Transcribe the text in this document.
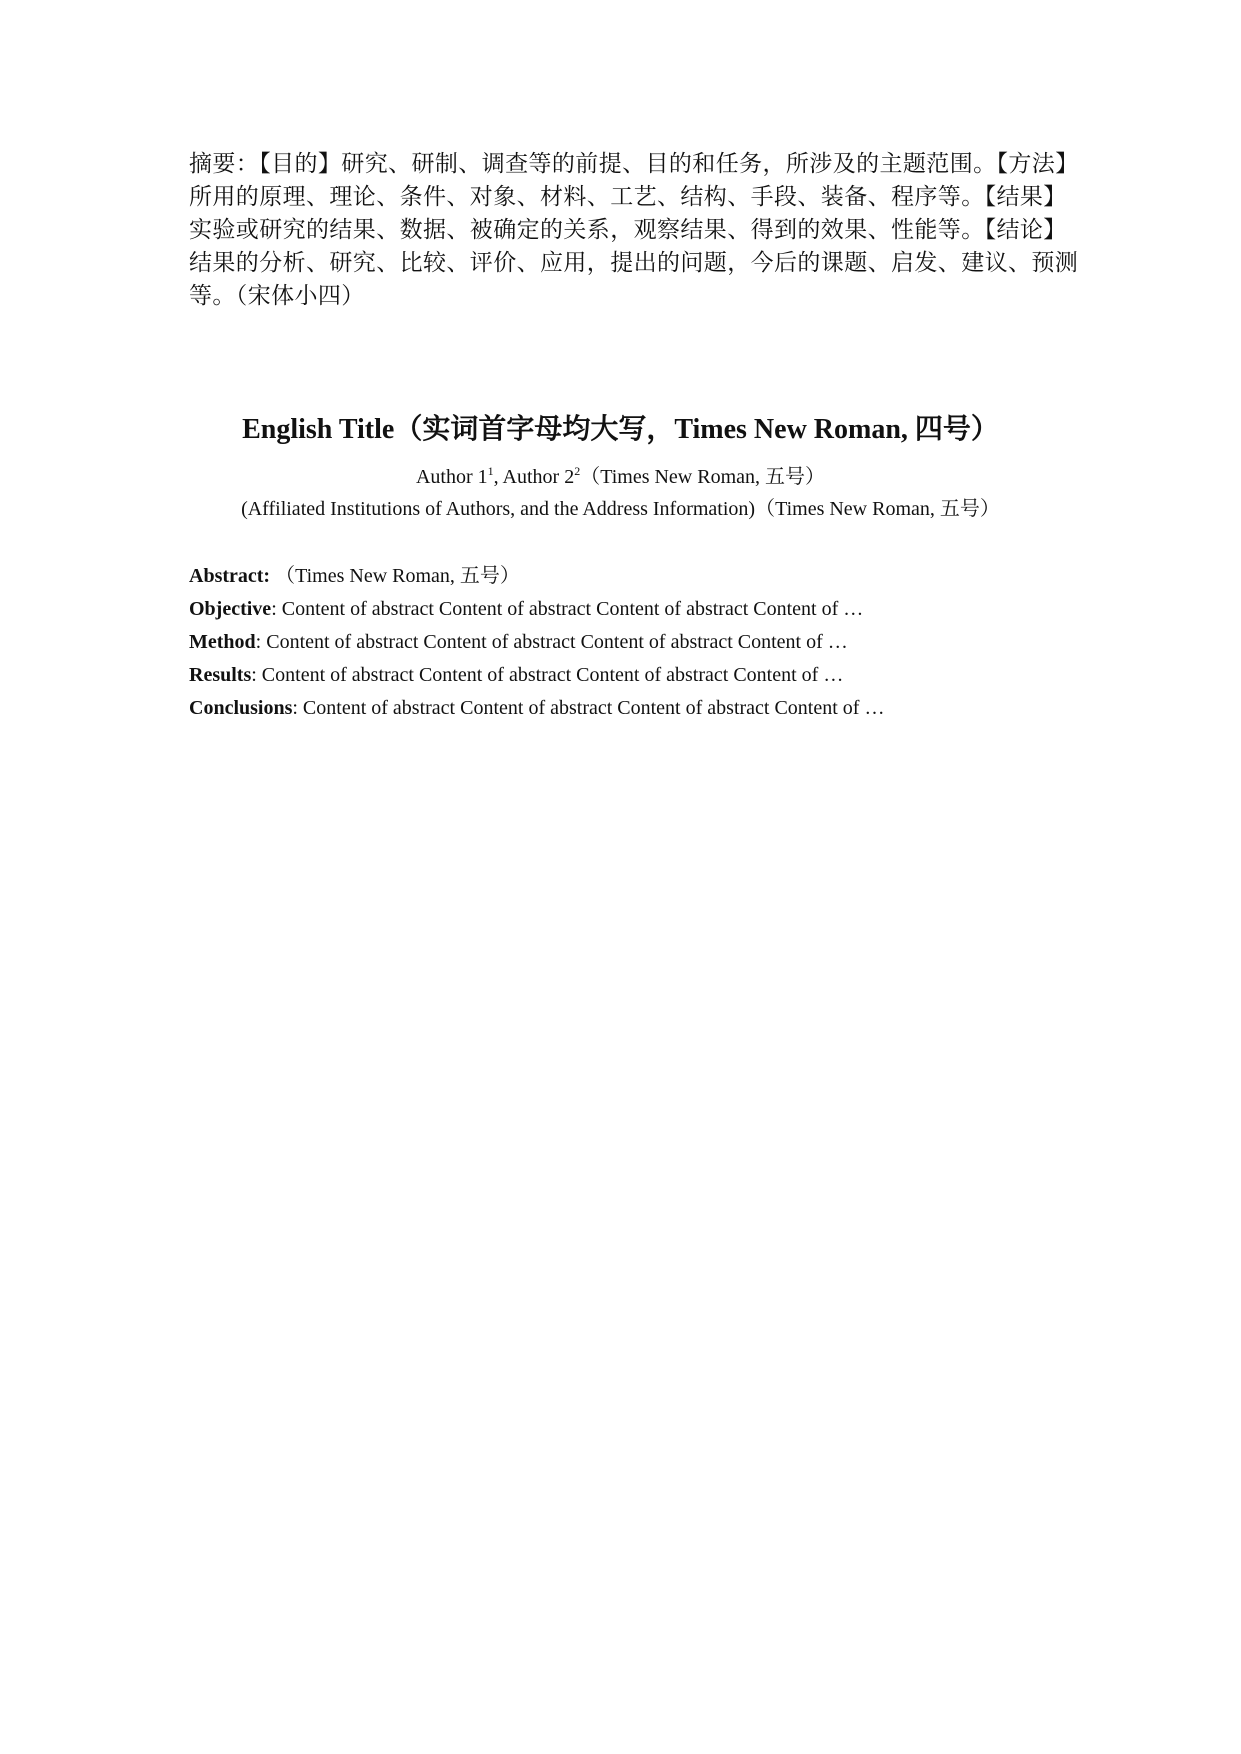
摘要：【目的】研究、研制、调查等的前提、目的和任务，所涉及的主题范围。【方法】所用的原理、理论、条件、对象、材料、工艺、结构、手段、装备、程序等。【结果】实验或研究的结果、数据、被确定的关系，观察结果、得到的效果、性能等。【结论】结果的分析、研究、比较、评价、应用，提出的问题，今后的课题、启发、建议、预测等。（宋体小四）

English Title（实词首字母均大写，Times New Roman, 四号）

Author $1^1$, Author $2^2(Times$ New Roman, 五号）

(Affiliated Institutions of Authors, and the Address Information)（Times New Roman, 五号）

Abstract: （Times New Roman, 五号）
Objective: Content of abstract Content of abstract Content of abstract Content of …
Method: Content of abstract Content of abstract Content of abstract Content of …
Results: Content of abstract Content of abstract Content of abstract Content of …
Conclusions: Content of abstract Content of abstract Content of abstract Content of …
